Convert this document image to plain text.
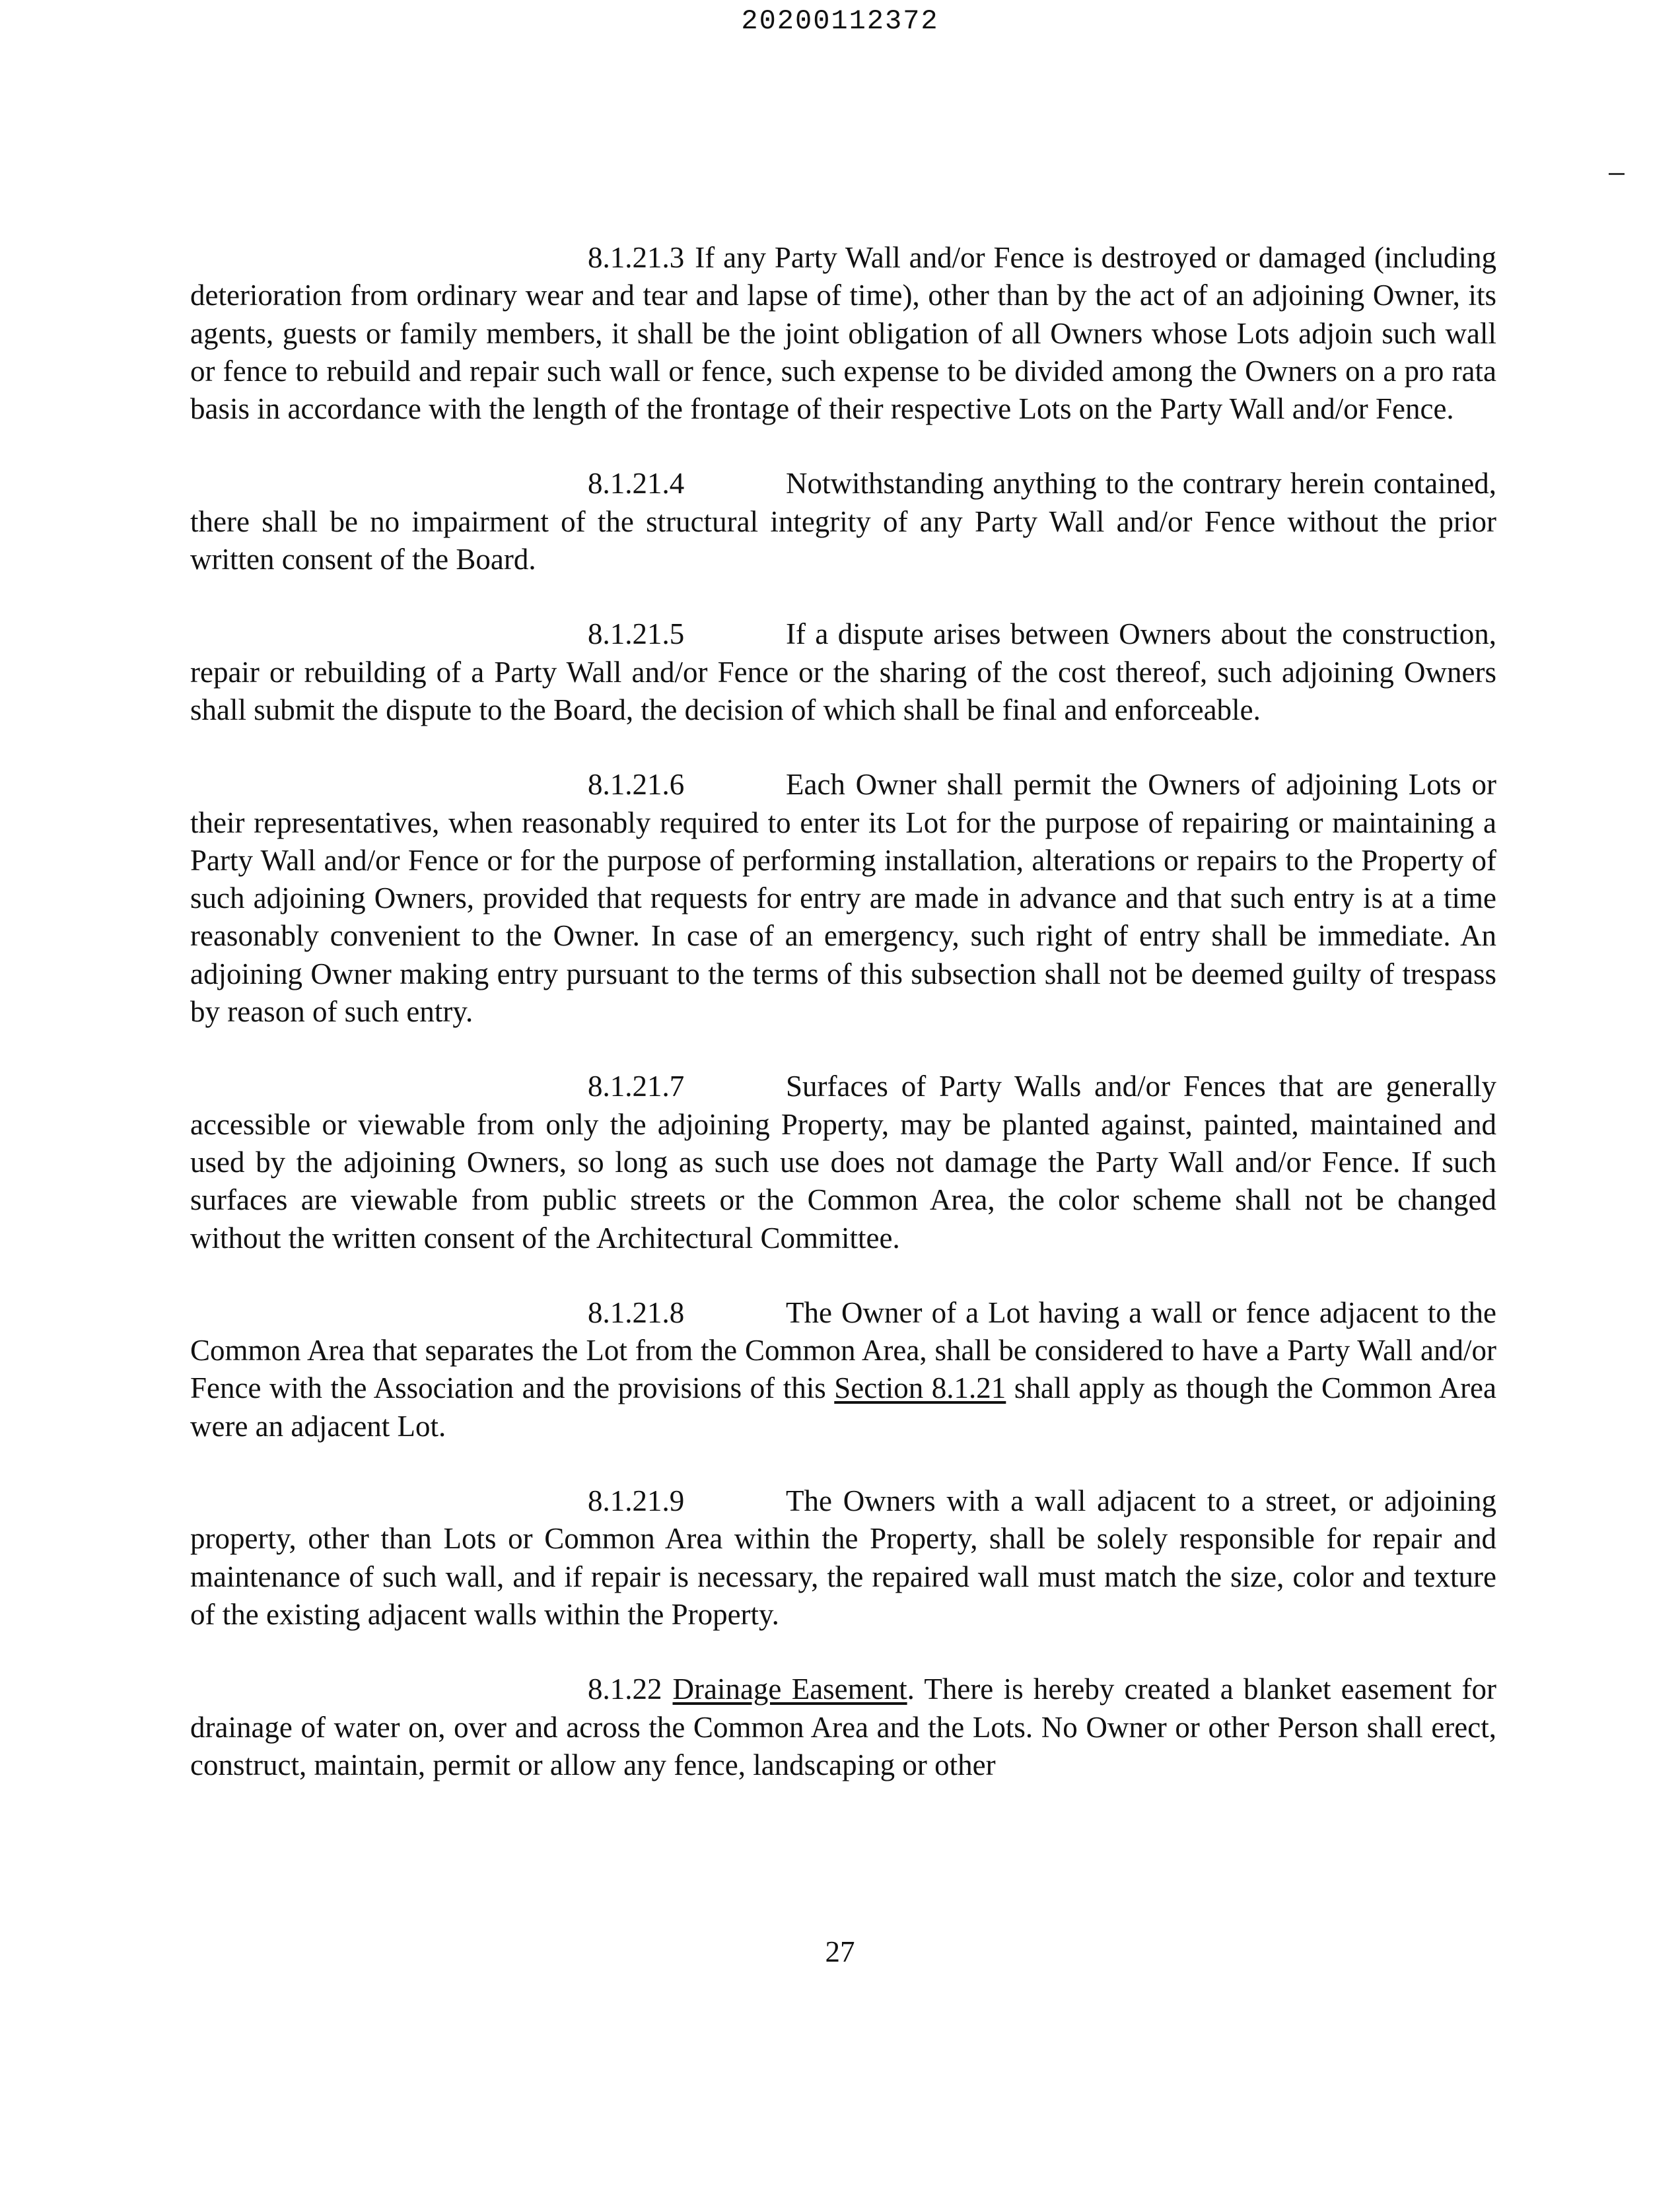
20200112372

8.1.21.3 If any Party Wall and/or Fence is destroyed or damaged (including deterioration from ordinary wear and tear and lapse of time), other than by the act of an adjoining Owner, its agents, guests or family members, it shall be the joint obligation of all Owners whose Lots adjoin such wall or fence to rebuild and repair such wall or fence, such expense to be divided among the Owners on a pro rata basis in accordance with the length of the frontage of their respective Lots on the Party Wall and/or Fence.

8.1.21.4	Notwithstanding anything to the contrary herein contained, there shall be no impairment of the structural integrity of any Party Wall and/or Fence without the prior written consent of the Board.

8.1.21.5	If a dispute arises between Owners about the construction, repair or rebuilding of a Party Wall and/or Fence or the sharing of the cost thereof, such adjoining Owners shall submit the dispute to the Board, the decision of which shall be final and enforceable.

8.1.21.6	Each Owner shall permit the Owners of adjoining Lots or their representatives, when reasonably required to enter its Lot for the purpose of repairing or maintaining a Party Wall and/or Fence or for the purpose of performing installation, alterations or repairs to the Property of such adjoining Owners, provided that requests for entry are made in advance and that such entry is at a time reasonably convenient to the Owner. In case of an emergency, such right of entry shall be immediate. An adjoining Owner making entry pursuant to the terms of this subsection shall not be deemed guilty of trespass by reason of such entry.

8.1.21.7	Surfaces of Party Walls and/or Fences that are generally accessible or viewable from only the adjoining Property, may be planted against, painted, maintained and used by the adjoining Owners, so long as such use does not damage the Party Wall and/or Fence. If such surfaces are viewable from public streets or the Common Area, the color scheme shall not be changed without the written consent of the Architectural Committee.

8.1.21.8	The Owner of a Lot having a wall or fence adjacent to the Common Area that separates the Lot from the Common Area, shall be considered to have a Party Wall and/or Fence with the Association and the provisions of this Section 8.1.21 shall apply as though the Common Area were an adjacent Lot.

8.1.21.9	The Owners with a wall adjacent to a street, or adjoining property, other than Lots or Common Area within the Property, shall be solely responsible for repair and maintenance of such wall, and if repair is necessary, the repaired wall must match the size, color and texture of the existing adjacent walls within the Property.

8.1.22 Drainage Easement. There is hereby created a blanket easement for drainage of water on, over and across the Common Area and the Lots. No Owner or other Person shall erect, construct, maintain, permit or allow any fence, landscaping or other

27
